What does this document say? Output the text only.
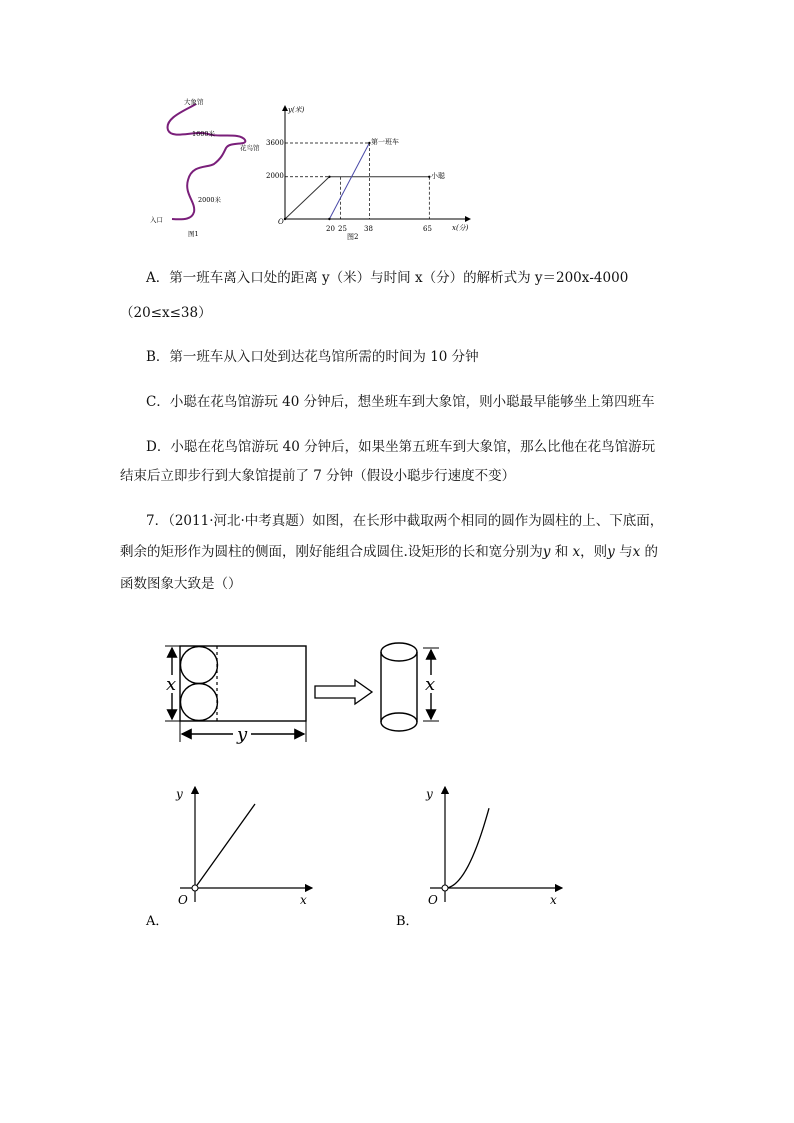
大象馆
1600米
花鸟馆
2000米
入口
图1
y(米)
x(分)
O
3600
2000
20 25 38	65
第一班车
小聪
图2
A．第一班车离入口处的距离 y（米）与时间 x（分）的解析式为 y＝200x‐4000
（20≤x≤38）
B．第一班车从入口处到达花鸟馆所需的时间为 10 分钟
C．小聪在花鸟馆游玩 40 分钟后，想坐班车到大象馆，则小聪最早能够坐上第四班车
D．小聪在花鸟馆游玩 40 分钟后，如果坐第五班车到大象馆，那么比他在花鸟馆游玩
结束后立即步行到大象馆提前了 7 分钟（假设小聪步行速度不变）
7．（2011·河北·中考真题）如图，在长形中截取两个相同的圆作为圆柱的上、下底面，
剩余的矩形作为圆柱的侧面，刚好能组合成圆住.设矩形的长和宽分别为y 和 x，则y 与x 的
函数图象大致是（）
x
y
x
y
x
O
A．
y
x
O
B．
